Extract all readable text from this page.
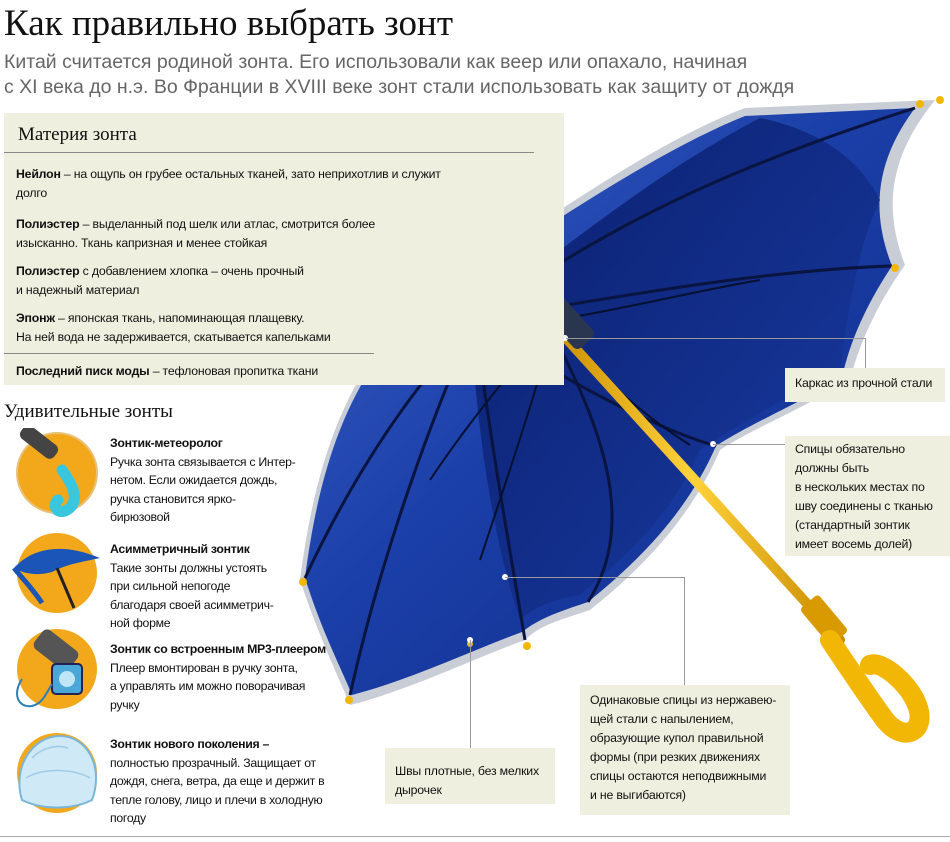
Как правильно выбрать зонт
Китай считается родиной зонта. Его использовали как веер или опахало, начиная
с XI века до н.э. Во Франции в XVIII веке зонт стали использовать как защиту от дождя
Материя зонта
Нейлон – на ощупь он грубее остальных тканей, зато неприхотлив и служит
долго
Полиэстер – выделанный под шелк или атлас, смотрится более
изысканно. Ткань капризная и менее стойкая
Полиэстер с добавлением хлопка – очень прочный
и надежный материал
Эпонж – японская ткань, напоминающая плащевку.
На ней вода не задерживается, скатывается капельками
Последний писк моды – тефлоновая пропитка ткани
Удивительные зонты
Зонтик-метеоролог
Ручка зонта связывается с Интер-
нетом. Если ожидается дождь,
ручка становится ярко-
бирюзовой
Асимметричный зонтик
Такие зонты должны устоять
при сильной непогоде
благодаря своей асимметрич-
ной форме
Зонтик со встроенным MP3-плеером
Плеер вмонтирован в ручку зонта,
а управлять им можно поворачивая
ручку
Зонтик нового поколения –
полностью прозрачный. Защищает от
дождя, снега, ветра, да еще и держит в
тепле голову, лицо и плечи в холодную
погоду
Каркас из прочной стали
Спицы обязательно
должны быть
в нескольких местах по
шву соединены с тканью
(стандартный зонтик
имеет восемь долей)
Одинаковые спицы из нержавею-
щей стали с напылением,
образующие купол правильной
формы (при резких движениях
спицы остаются неподвижными
и не выгибаются)
Швы плотные, без мелких
дырочек
